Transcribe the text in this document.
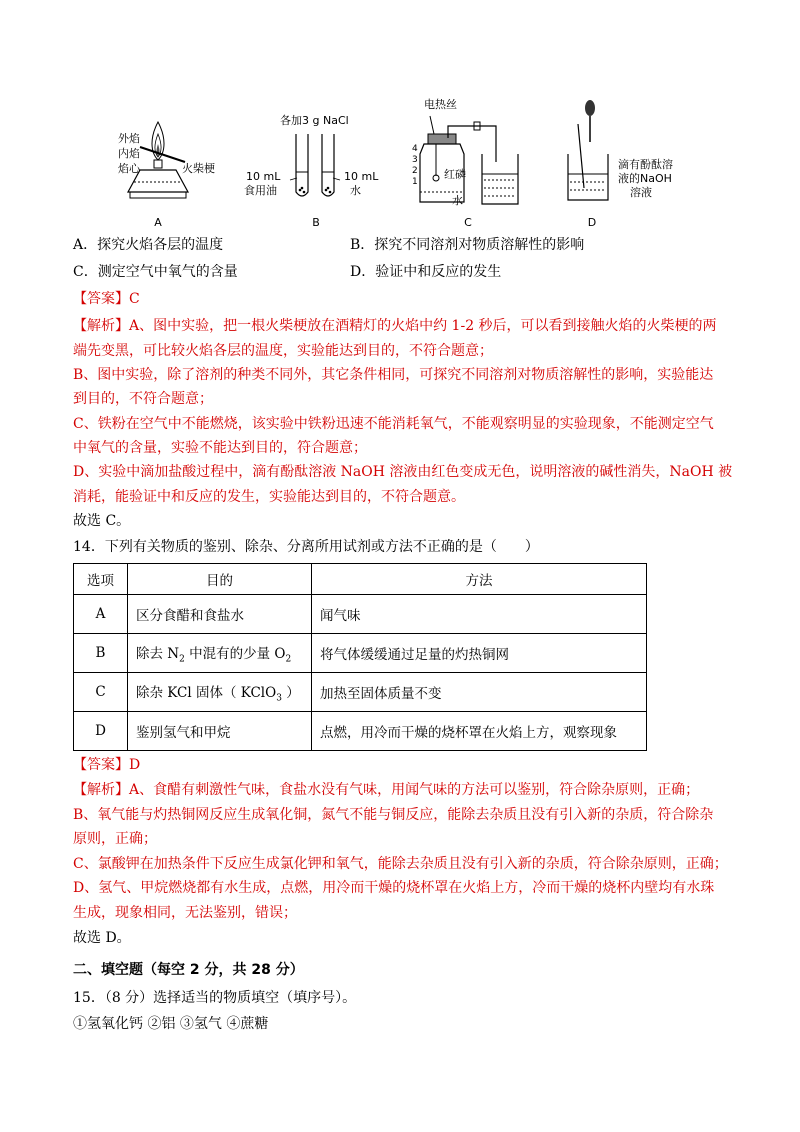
外焰
内焰
焰心	火柴梗
A
各加3 g NaCl
10 mL
食用油
10 mL
水
B
电热丝
4
3
2
1
红磷
水
C
滴有酚酞溶
液的NaOH
溶液
D
A．探究火焰各层的温度	B．探究不同溶剂对物质溶解性的影响
C．测定空气中氧气的含量	D．验证中和反应的发生
【答案】C
【解析】A、图中实验，把一根火柴梗放在酒精灯的火焰中约 1-2 秒后，可以看到接触火焰的火柴梗的两
端先变黑，可比较火焰各层的温度，实验能达到目的，不符合题意；
B、图中实验，除了溶剂的种类不同外，其它条件相同，可探究不同溶剂对物质溶解性的影响，实验能达
到目的，不符合题意；
C、铁粉在空气中不能燃烧，该实验中铁粉迅速不能消耗氧气，不能观察明显的实验现象，不能测定空气
中氧气的含量，实验不能达到目的，符合题意；
D、实验中滴加盐酸过程中，滴有酚酞溶液 NaOH 溶液由红色变成无色，说明溶液的碱性消失，NaOH 被
消耗，能验证中和反应的发生，实验能达到目的，不符合题意。
故选 C。
14．下列有关物质的鉴别、除杂、分离所用试剂或方法不正确的是（　　）
选项	目的	方法
A	区分食醋和食盐水	闻气味
B	除去 $N_2$ 中混有的少量 $O_2$	将气体缓缓通过足量的灼热铜网
C	除杂 KCl 固体（ KClO$_3$ ）	加热至固体质量不变
D	鉴别氢气和甲烷	点燃，用冷而干燥的烧杯罩在火焰上方，观察现象
【答案】D
【解析】A、食醋有刺激性气味，食盐水没有气味，用闻气味的方法可以鉴别，符合除杂原则，正确；
B、氧气能与灼热铜网反应生成氧化铜，氮气不能与铜反应，能除去杂质且没有引入新的杂质，符合除杂
原则，正确；
C、氯酸钾在加热条件下反应生成氯化钾和氧气，能除去杂质且没有引入新的杂质，符合除杂原则，正确；
D、氢气、甲烷燃烧都有水生成，点燃，用冷而干燥的烧杯罩在火焰上方，冷而干燥的烧杯内壁均有水珠
生成，现象相同，无法鉴别，错误；
故选 D。
二、填空题（每空 2 分，共 28 分）
15．（8 分）选择适当的物质填空（填序号）。
①氢氧化钙 ②铝 ③氢气 ④蔗糖
